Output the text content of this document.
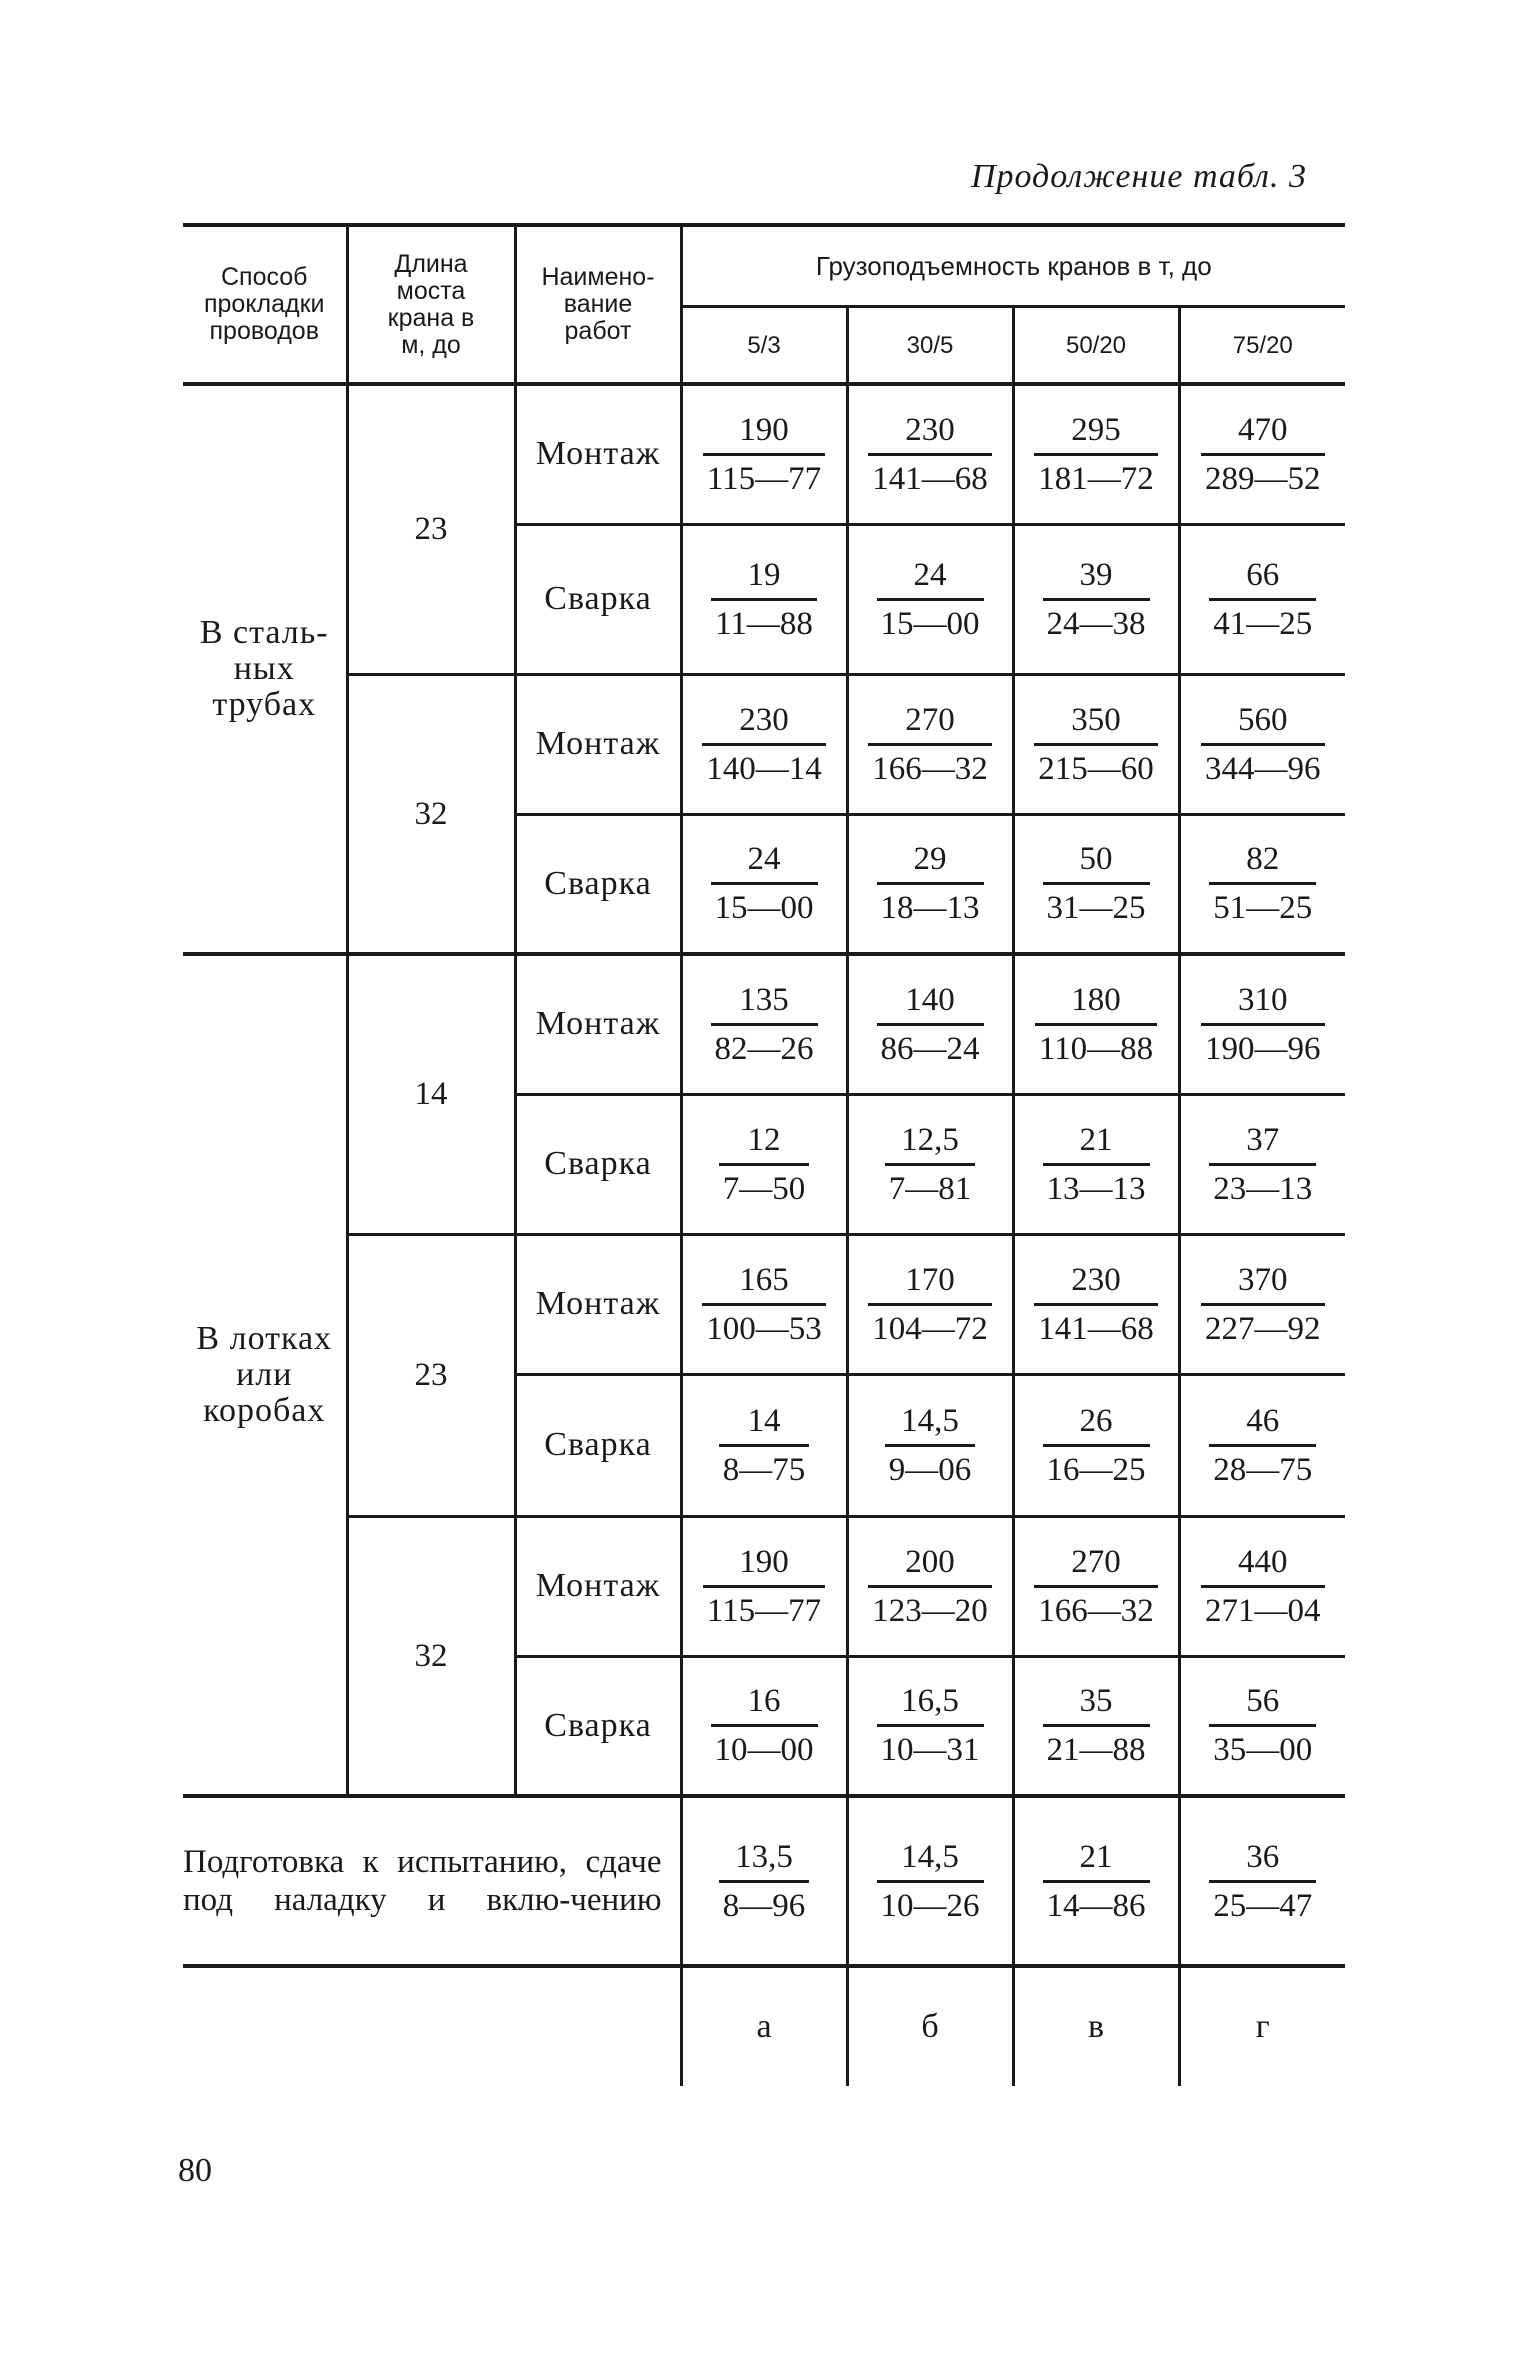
Продолжение табл. 3
Способ прокладки проводов	Длина моста крана в м, до	Наимено-вание работ	Грузоподъемность кранов в т, до			
			5/3	30/5	50/20	75/20
В сталь-ных трубах	23	Монтаж	$\frac{190}{115—77}$	$\frac{230}{141—68}$	$\frac{295}{181—72}$	$\frac{470}{289—52}$

		Сварка	$\frac{19}{11—88}$	$\frac{24}{15—00}$	$\frac{39}{24—38}$	$\frac{66}{41—25}$

	32	Монтаж	$\frac{230}{140—14}$	$\frac{270}{166—32}$	$\frac{350}{215—60}$	$\frac{560}{344—96}$

		Сварка	$\frac{24}{15—00}$	$\frac{29}{18—13}$	$\frac{50}{31—25}$	$\frac{82}{51—25}$

В лотках или коробах	14	Монтаж	$\frac{135}{82—26}$	$\frac{140}{86—24}$	$\frac{180}{110—88}$	$\frac{310}{190—96}$

		Сварка	$\frac{12}{7—50}$	$\frac{12,5}{7—81}$	$\frac{21}{13—13}$	$\frac{37}{23—13}$

	23	Монтаж	$\frac{165}{100—53}$	$\frac{170}{104—72}$	$\frac{230}{141—68}$	$\frac{370}{227—92}$

		Сварка	$\frac{14}{8—75}$	$\frac{14,5}{9—06}$	$\frac{26}{16—25}$	$\frac{46}{28—75}$

	32	Монтаж	$\frac{190}{115—77}$	$\frac{200}{123—20}$	$\frac{270}{166—32}$	$\frac{440}{271—04}$

		Сварка	$\frac{16}{10—00}$	$\frac{16,5}{10—31}$	$\frac{35}{21—88}$	$\frac{56}{35—00}$

Подготовка к испытанию, сдаче под наладку и вклю-чению			$\frac{13,5}{8—96}$	$\frac{14,5}{10—26}$	$\frac{21}{14—86}$	$\frac{36}{25—47}$

			а	б	в	г
80
